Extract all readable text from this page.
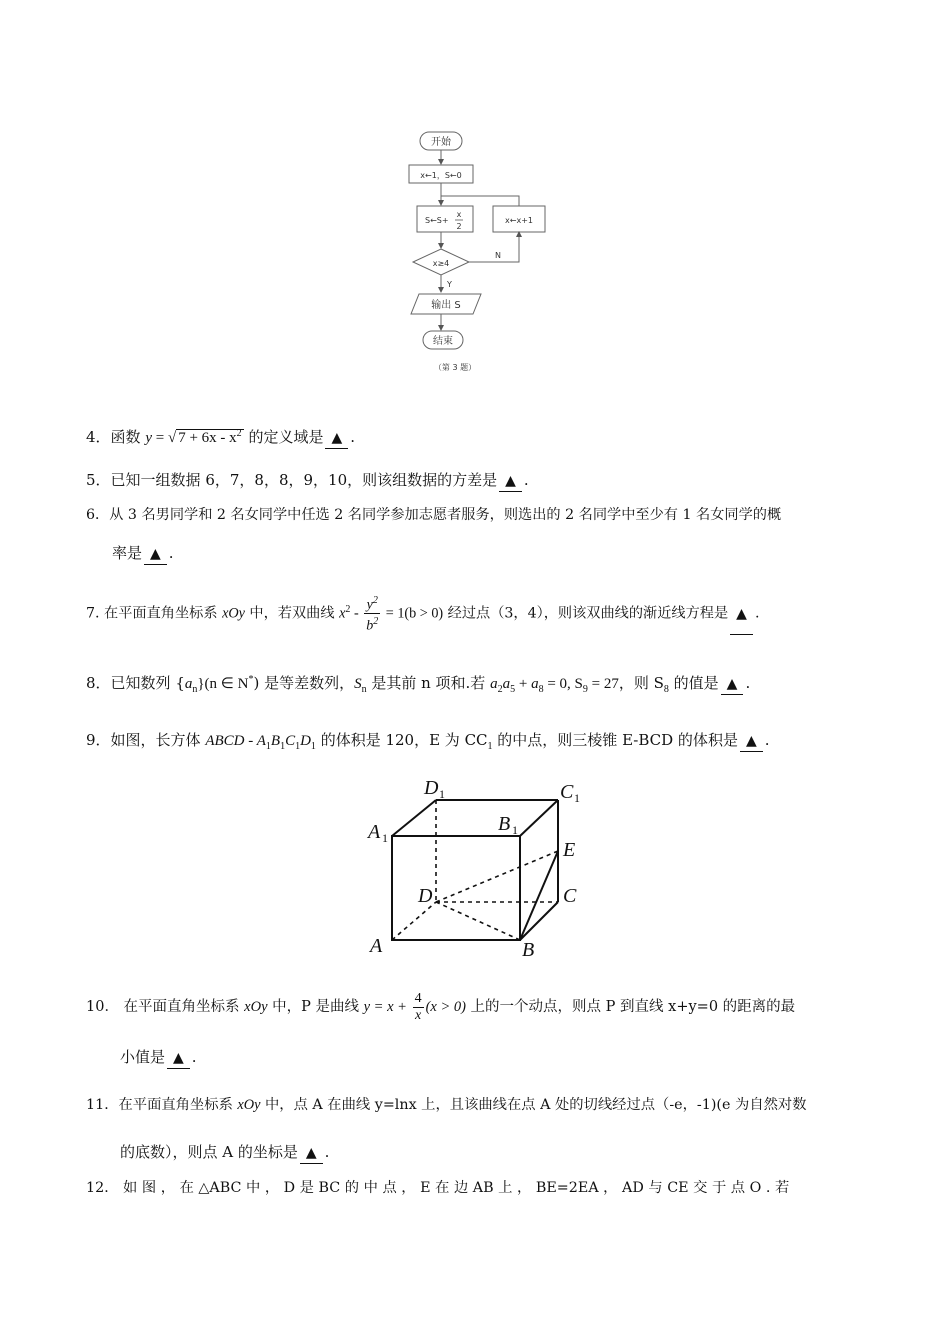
开始
x←1，S←0
S←S+
x
2
x←x+1
x≥4
N
Y
输出 S
结束
（第 3 题）
4．函数 y = √ $7 + 6x - x^2$ 的定义域是 ▲ .
5．已知一组数据 6，7，8，8，9，10，则该组数据的方差是 ▲ .
6．从 3 名男同学和 2 名女同学中任选 2 名同学参加志愿者服务，则选出的 2 名同学中至少有 1 名女同学的概
率是 ▲ .
7. 在平面直角坐标系 xOy 中，若双曲线 $x^2 - \frac{y^2}{b^2} = 1(b > 0)$ 经过点（3，4），则该双曲线的渐近线方程是 ▲ .
8．已知数列 $\{a_n\}(n$ ∈ N*) 是等差数列，$S_n$ 是其前 n 项和.若 $a_2a_5 + a_8 = 0$, $S_9 = 27$，则 $S_8$ 的值是 ▲ .
9．如图，长方体 ABCD - $A_1B_1C_1D_1$ 的体积是 120，E 为 $CC_1$ 的中点，则三棱锥 E-BCD 的体积是 ▲ .
D 1	C 1
A 1
B 1
E
C
D
A	B
10． 在平面直角坐标系 xOy 中，P 是曲线 $y = x + \frac{4}{x} (x > 0)$ 上的一个动点，则点 P 到直线 x+y=0 的距离的最
小值是 ▲ .
11．在平面直角坐标系 xOy 中，点 A 在曲线 y=lnx 上，且该曲线在点 A 处的切线经过点（-e，-1)(e 为自然对数
的底数），则点 A 的坐标是 ▲ .
12． 如 图 ， 在 △ABC 中 ， D 是 BC 的 中 点 ， E 在 边 AB 上 ， BE=2EA ， AD 与 CE 交 于 点 O . 若
